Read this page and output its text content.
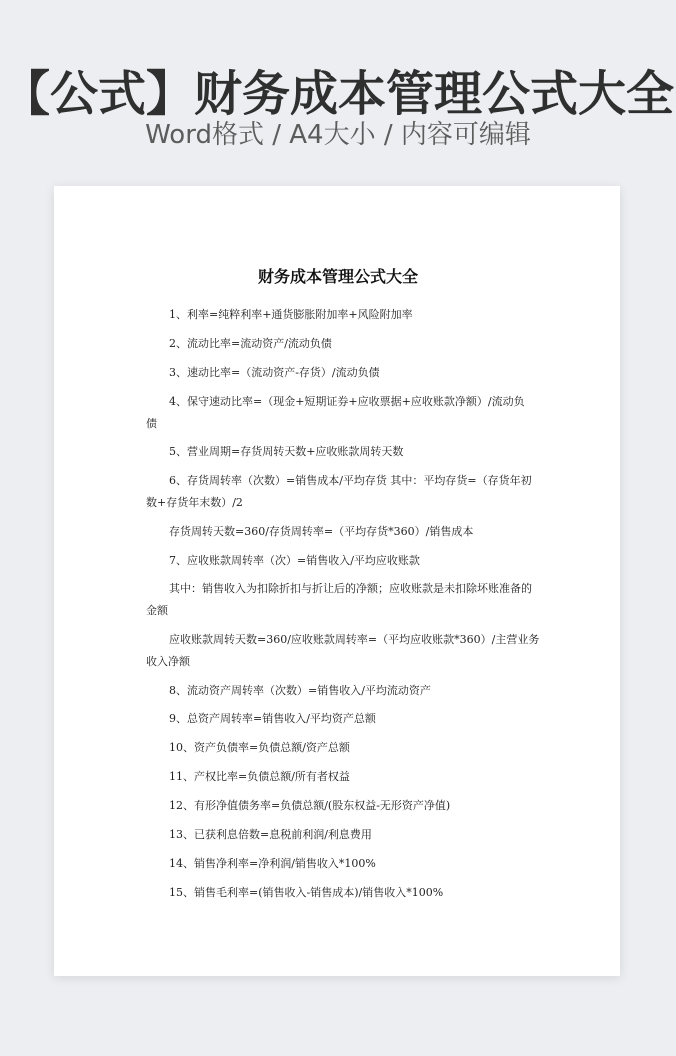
【公式】财务成本管理公式大全
Word格式 / A4大小 / 内容可编辑
财务成本管理公式大全
1、利率=纯粹利率+通货膨胀附加率+风险附加率
2、流动比率=流动资产/流动负债
3、速动比率=（流动资产-存货）/流动负债
4、保守速动比率=（现金+短期证券+应收票据+应收账款净额）/流动负
债
5、营业周期=存货周转天数+应收账款周转天数
6、存货周转率（次数）=销售成本/平均存货 其中：平均存货=（存货年初
数+存货年末数）/2
存货周转天数=360/存货周转率=（平均存货*360）/销售成本
7、应收账款周转率（次）=销售收入/平均应收账款
其中：销售收入为扣除折扣与折让后的净额；应收账款是未扣除坏账准备的
金额
应收账款周转天数=360/应收账款周转率=（平均应收账款*360）/主营业务
收入净额
8、流动资产周转率（次数）=销售收入/平均流动资产
9、总资产周转率=销售收入/平均资产总额
10、资产负债率=负债总额/资产总额
11、产权比率=负债总额/所有者权益
12、有形净值债务率=负债总额/(股东权益-无形资产净值)
13、已获利息倍数=息税前利润/利息费用
14、销售净利率=净利润/销售收入*100%
15、销售毛利率=(销售收入-销售成本)/销售收入*100%
